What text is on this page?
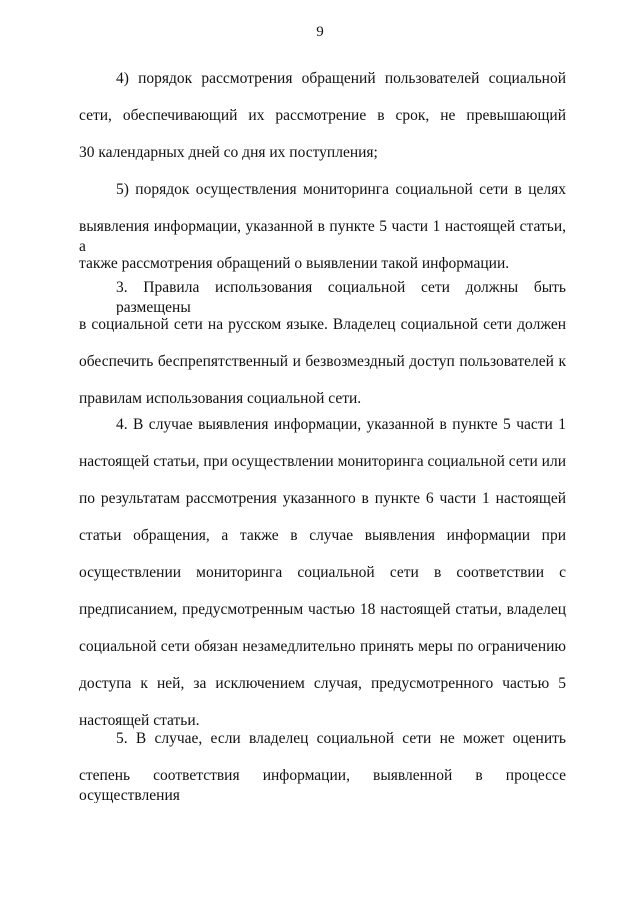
9
4) порядок рассмотрения обращений пользователей социальной
сети, обеспечивающий их рассмотрение в срок, не превышающий
30 календарных дней со дня их поступления;
5) порядок осуществления мониторинга социальной сети в целях
выявления информации, указанной в пункте 5 части 1 настоящей статьи, а
также рассмотрения обращений о выявлении такой информации.
3. Правила использования социальной сети должны быть размещены
в социальной сети на русском языке. Владелец социальной сети должен
обеспечить беспрепятственный и безвозмездный доступ пользователей к
правилам использования социальной сети.
4. В случае выявления информации, указанной в пункте 5 части 1
настоящей статьи, при осуществлении мониторинга социальной сети или
по результатам рассмотрения указанного в пункте 6 части 1 настоящей
статьи обращения, а также в случае выявления информации при
осуществлении мониторинга социальной сети в соответствии с
предписанием, предусмотренным частью 18 настоящей статьи, владелец
социальной сети обязан незамедлительно принять меры по ограничению
доступа к ней, за исключением случая, предусмотренного частью 5
настоящей статьи.
5. В случае, если владелец социальной сети не может оценить
степень соответствия информации, выявленной в процессе осуществления
